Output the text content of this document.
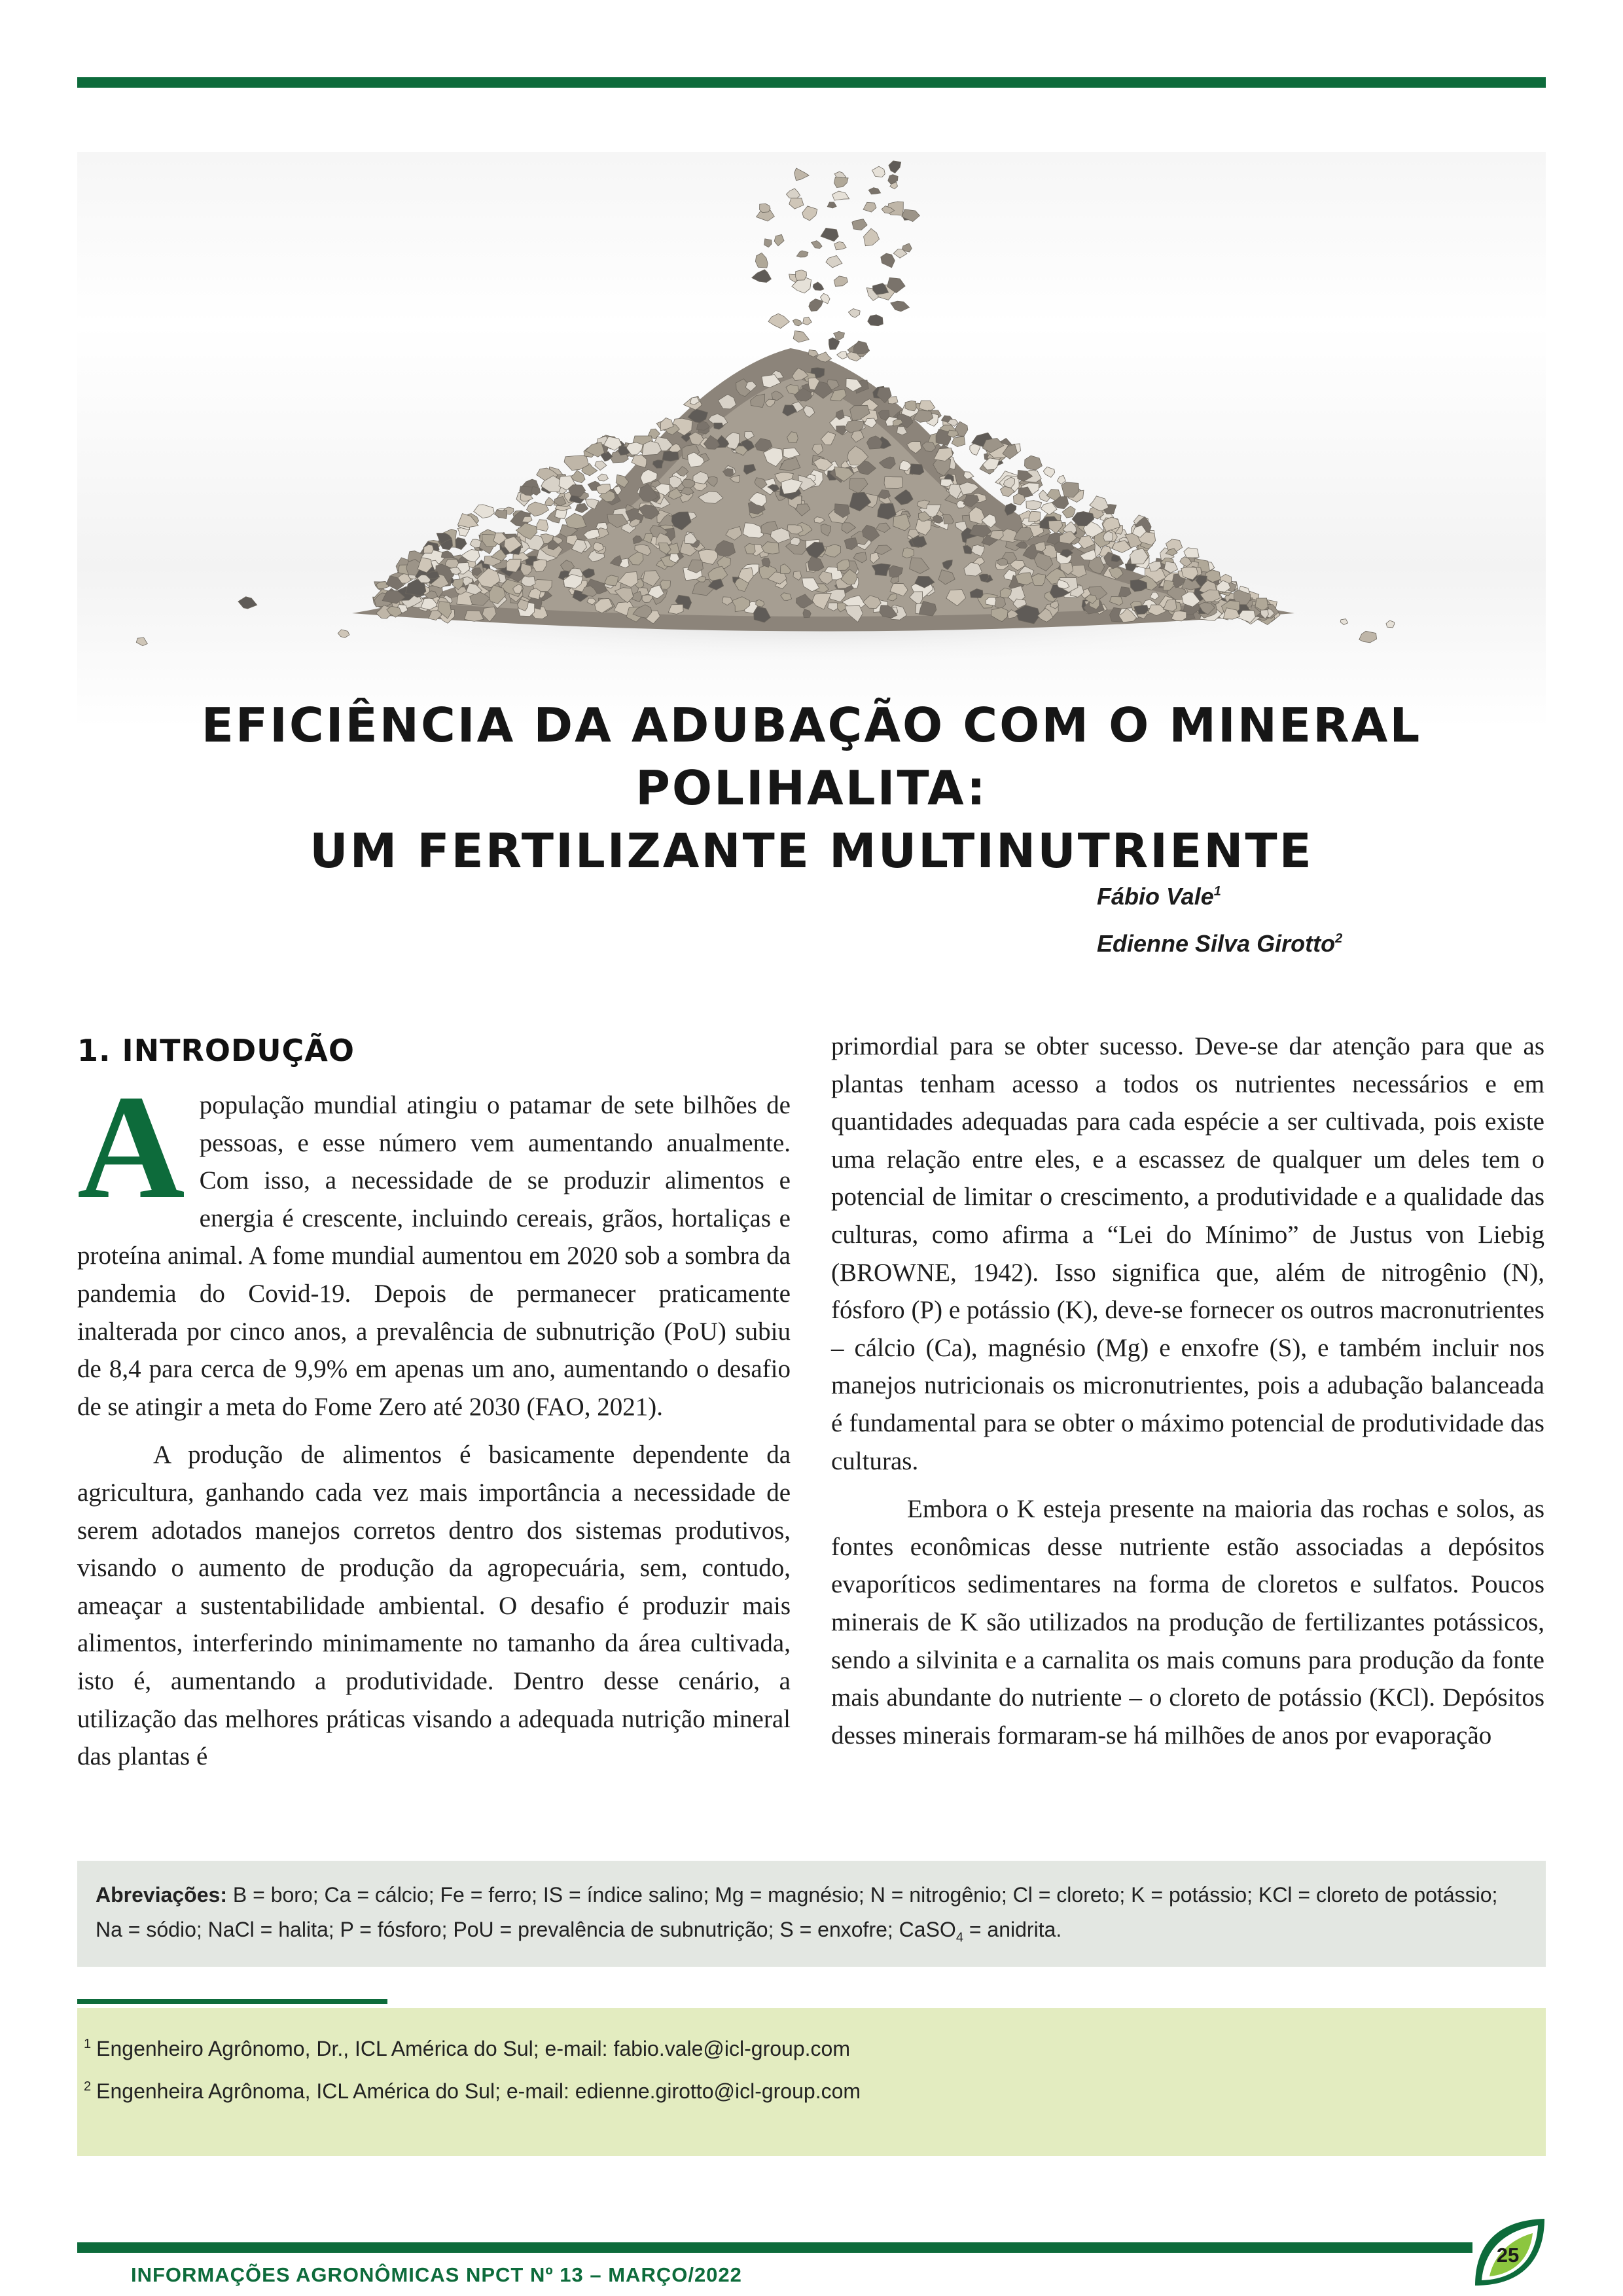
EFICIÊNCIA DA ADUBAÇÃO COM O MINERAL POLIHALITA:
UM FERTILIZANTE MULTINUTRIENTE
Fábio Vale$^1$
Edienne Silva Girotto$^2$
1. INTRODUÇÃO

Apopulação mundial atingiu o patamar de sete bilhões de pessoas, e esse número vem aumentando anualmente. Com isso, a necessidade de se produzir alimentos e energia é crescente, incluindo cereais, grãos, hortaliças e proteína animal. A fome mundial aumentou em 2020 sob a sombra da pandemia do Covid-19. Depois de permanecer praticamente inalterada por cinco anos, a prevalência de subnutrição (PoU) subiu de 8,4 para cerca de 9,9% em apenas um ano, aumentando o desafio de se atingir a meta do Fome Zero até 2030 (FAO, 2021).

A produção de alimentos é basicamente dependente da agricultura, ganhando cada vez mais importância a necessidade de serem adotados manejos corretos dentro dos sistemas produtivos, visando o aumento de produção da agropecuária, sem, contudo, ameaçar a sustentabilidade ambiental. O desafio é produzir mais alimentos, interferindo minimamente no tamanho da área cultivada, isto é, aumentando a produtividade. Dentro desse cenário, a utilização das melhores práticas visando a adequada nutrição mineral das plantas é

primordial para se obter sucesso. Deve-se dar atenção para que as plantas tenham acesso a todos os nutrientes necessários e em quantidades adequadas para cada espécie a ser cultivada, pois existe uma relação entre eles, e a escassez de qualquer um deles tem o potencial de limitar o crescimento, a produtividade e a qualidade das culturas, como afirma a “Lei do Mínimo” de Justus von Liebig (BROWNE, 1942). Isso significa que, além de nitrogênio (N), fósforo (P) e potássio (K), deve-se fornecer os outros macronutrientes – cálcio (Ca), magnésio (Mg) e enxofre (S), e também incluir nos manejos nutricionais os micronutrientes, pois a adubação balanceada é fundamental para se obter o máximo potencial de produtividade das culturas.

Embora o K esteja presente na maioria das rochas e solos, as fontes econômicas desse nutriente estão associadas a depósitos evaporíticos sedimentares na forma de cloretos e sulfatos. Poucos minerais de K são utilizados na produção de fertilizantes potássicos, sendo a silvinita e a carnalita os mais comuns para produção da fonte mais abundante do nutriente – o cloreto de potássio (KCl). Depósitos desses minerais formaram-se há milhões de anos por evaporação

Abreviações: B = boro; Ca = cálcio; Fe = ferro; IS = índice salino; Mg = magnésio; N = nitrogênio; Cl = cloreto; K = potássio; KCl = cloreto de potássio; Na = sódio; NaCl = halita; P = fósforo; PoU = prevalência de subnutrição; S = enxofre; CaSO$_4$ = anidrita.
$^1$ Engenheiro Agrônomo, Dr., ICL América do Sul; e-mail: fabio.vale@icl-group.com
$^2$ Engenheira Agrônoma, ICL América do Sul; e-mail: edienne.girotto@icl-group.com
INFORMAÇÕES AGRONÔMICAS NPCT Nº 13 – MARÇO/2022
25
